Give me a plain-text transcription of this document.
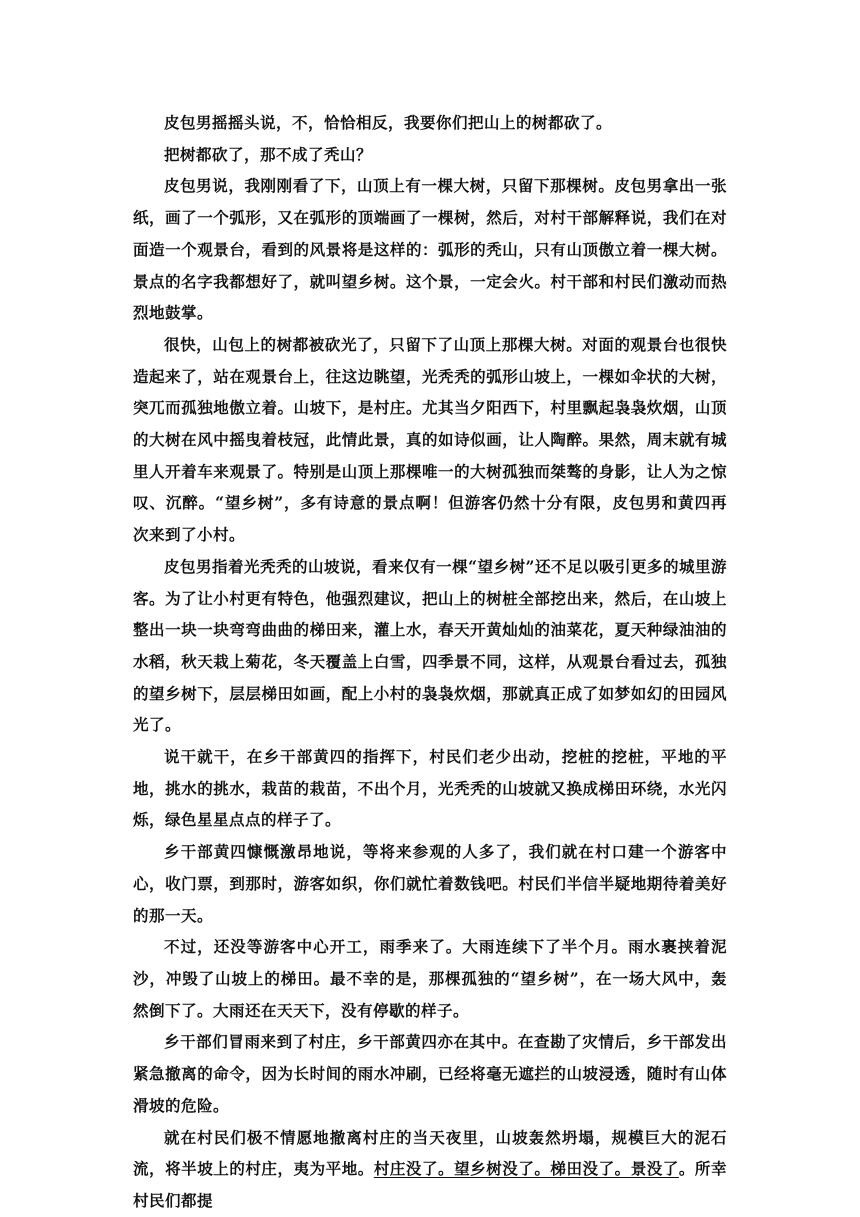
皮包男摇摇头说，不，恰恰相反，我要你们把山上的树都砍了。

把树都砍了，那不成了秃山？

皮包男说，我刚刚看了下，山顶上有一棵大树，只留下那棵树。皮包男拿出一张纸，画了一个弧形，又在弧形的顶端画了一棵树，然后，对村干部解释说，我们在对面造一个观景台，看到的风景将是这样的：弧形的秃山，只有山顶傲立着一棵大树。景点的名字我都想好了，就叫望乡树。这个景，一定会火。村干部和村民们激动而热烈地鼓掌。

很快，山包上的树都被砍光了，只留下了山顶上那棵大树。对面的观景台也很快造起来了，站在观景台上，往这边眺望，光秃秃的弧形山坡上，一棵如伞状的大树，突兀而孤独地傲立着。山坡下，是村庄。尤其当夕阳西下，村里飘起袅袅炊烟，山顶的大树在风中摇曳着枝冠，此情此景，真的如诗似画，让人陶醉。果然，周末就有城里人开着车来观景了。特别是山顶上那棵唯一的大树孤独而桀骜的身影，让人为之惊叹、沉醉。“望乡树”，多有诗意的景点啊！但游客仍然十分有限，皮包男和黄四再次来到了小村。

皮包男指着光秃秃的山坡说，看来仅有一棵“望乡树”还不足以吸引更多的城里游客。为了让小村更有特色，他强烈建议，把山上的树桩全部挖出来，然后，在山坡上整出一块一块弯弯曲曲的梯田来，灌上水，春天开黄灿灿的油菜花，夏天种绿油油的水稻，秋天栽上菊花，冬天覆盖上白雪，四季景不同，这样，从观景台看过去，孤独的望乡树下，层层梯田如画，配上小村的袅袅炊烟，那就真正成了如梦如幻的田园风光了。

说干就干，在乡干部黄四的指挥下，村民们老少出动，挖桩的挖桩，平地的平地，挑水的挑水，栽苗的栽苗，不出个月，光秃秃的山坡就又换成梯田环绕，水光闪烁，绿色星星点点的样子了。

乡干部黄四慷慨激昂地说，等将来参观的人多了，我们就在村口建一个游客中心，收门票，到那时，游客如织，你们就忙着数钱吧。村民们半信半疑地期待着美好的那一天。

不过，还没等游客中心开工，雨季来了。大雨连续下了半个月。雨水裹挟着泥沙，冲毁了山坡上的梯田。最不幸的是，那棵孤独的“望乡树”，在一场大风中，轰然倒下了。大雨还在天天下，没有停歇的样子。

乡干部们冒雨来到了村庄，乡干部黄四亦在其中。在查勘了灾情后，乡干部发出紧急撤离的命令，因为长时间的雨水冲刷，已经将毫无遮拦的山坡浸透，随时有山体滑坡的危险。

就在村民们极不情愿地撤离村庄的当天夜里，山坡轰然坍塌，规模巨大的泥石流，将半坡上的村庄，夷为平地。村庄没了。望乡树没了。梯田没了。景没了。所幸村民们都提
